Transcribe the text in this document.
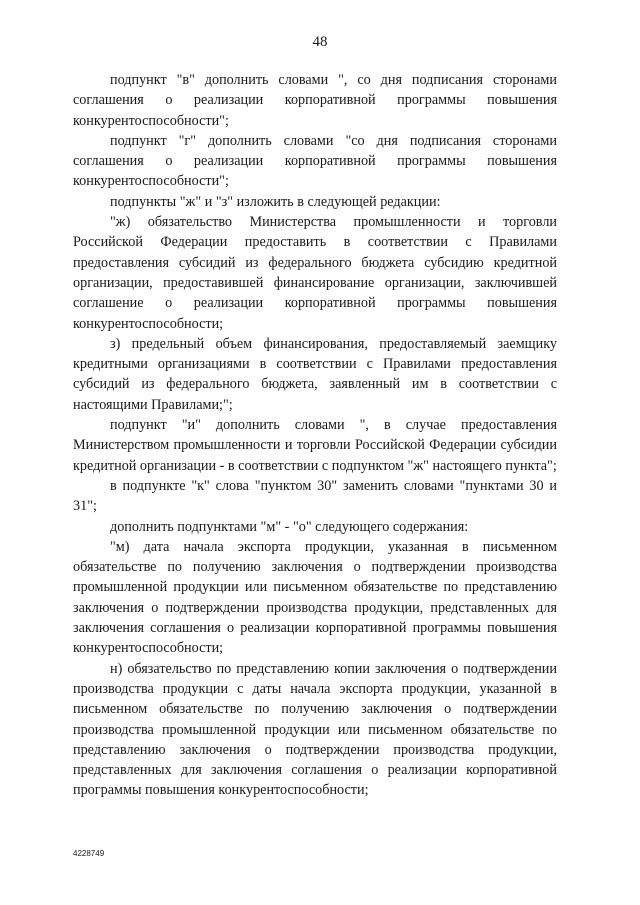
48

подпункт "в" дополнить словами ", со дня подписания сторонами соглашения о реализации корпоративной программы повышения конкурентоспособности";

подпункт "г" дополнить словами "со дня подписания сторонами соглашения о реализации корпоративной программы повышения конкурентоспособности";

подпункты "ж" и "з" изложить в следующей редакции:

"ж) обязательство Министерства промышленности и торговли Российской Федерации предоставить в соответствии с Правилами предоставления субсидий из федерального бюджета субсидию кредитной организации, предоставившей финансирование организации, заключившей соглашение о реализации корпоративной программы повышения конкурентоспособности;

з) предельный объем финансирования, предоставляемый заемщику кредитными организациями в соответствии с Правилами предоставления субсидий из федерального бюджета, заявленный им в соответствии с настоящими Правилами;";

подпункт "и" дополнить словами ", в случае предоставления Министерством промышленности и торговли Российской Федерации субсидии кредитной организации - в соответствии с подпунктом "ж" настоящего пункта";

в подпункте "к" слова "пунктом 30" заменить словами "пунктами 30 и 31";

дополнить подпунктами "м" - "о" следующего содержания:

"м) дата начала экспорта продукции, указанная в письменном обязательстве по получению заключения о подтверждении производства промышленной продукции или письменном обязательстве по представлению заключения о подтверждении производства продукции, представленных для заключения соглашения о реализации корпоративной программы повышения конкурентоспособности;

н) обязательство по представлению копии заключения о подтверждении производства продукции с даты начала экспорта продукции, указанной в письменном обязательстве по получению заключения о подтверждении производства промышленной продукции или письменном обязательстве по представлению заключения о подтверждении производства продукции, представленных для заключения соглашения о реализации корпоративной программы повышения конкурентоспособности;

4228749
